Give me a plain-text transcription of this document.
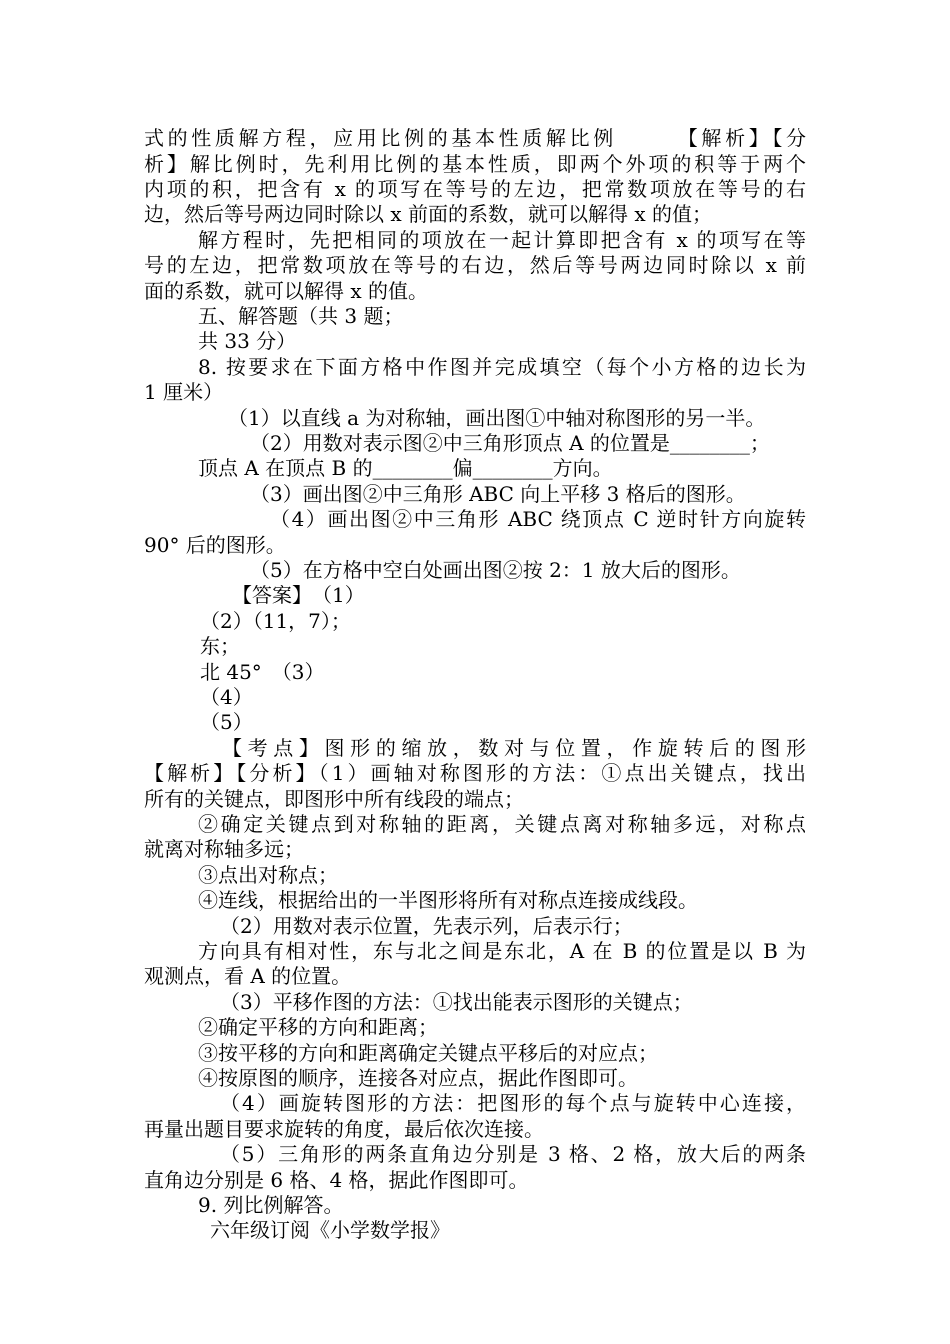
式的性质解方程，应用比例的基本性质解比例　　　【解析】【分
析】解比例时，先利用比例的基本性质，即两个外项的积等于两个
内项的积，把含有 x 的项写在等号的左边，把常数项放在等号的右
边，然后等号两边同时除以 x 前面的系数，就可以解得 x 的值；
解方程时，先把相同的项放在一起计算即把含有 x 的项写在等
号的左边，把常数项放在等号的右边，然后等号两边同时除以 x 前
面的系数，就可以解得 x 的值。
五、解答题（共 3 题；
共 33 分）
8. 按要求在下面方格中作图并完成填空（每个小方格的边长为
1 厘米）
（1）以直线 a 为对称轴，画出图①中轴对称图形的另一半。
（2）用数对表示图②中三角形顶点 A 的位置是________；
顶点 A 在顶点 B 的________偏________方向。
（3）画出图②中三角形 ABC 向上平移 3 格后的图形。
（4）画出图②中三角形 ABC 绕顶点 C 逆时针方向旋转
90° 后的图形。
（5）在方格中空白处画出图②按 2：1 放大后的图形。
【答案】　（1）
（2）（11，7）；
东；
北 45°　（3）
（4）
（5）
【考点】图形的缩放，数对与位置，作旋转后的图形
【解析】【分析】（1）画轴对称图形的方法：①点出关键点，找出
所有的关键点，即图形中所有线段的端点；
②确定关键点到对称轴的距离，关键点离对称轴多远，对称点
就离对称轴多远；
③点出对称点；
④连线，根据给出的一半图形将所有对称点连接成线段。
（2）用数对表示位置，先表示列，后表示行；
方向具有相对性，东与北之间是东北，A 在 B 的位置是以 B 为
观测点，看 A 的位置。
（3）平移作图的方法：①找出能表示图形的关键点；
②确定平移的方向和距离；
③按平移的方向和距离确定关键点平移后的对应点；
④按原图的顺序，连接各对应点，据此作图即可。
（4）画旋转图形的方法：把图形的每个点与旋转中心连接，
再量出题目要求旋转的角度，最后依次连接。
（5）三角形的两条直角边分别是 3 格、2 格，放大后的两条
直角边分别是 6 格、4 格，据此作图即可。
9. 列比例解答。
六年级订阅《小学数学报》
